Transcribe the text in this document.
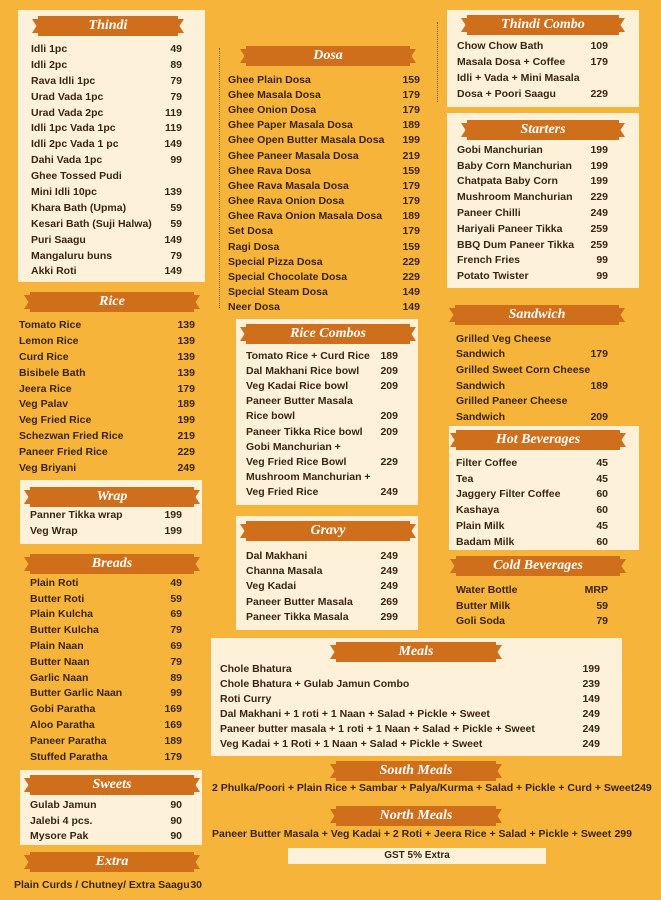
Thindi
Idli 1pc	49
Idli 2pc	89
Rava Idli 1pc	79
Urad Vada 1pc	79
Urad Vada 2pc	119
Idli 1pc Vada 1pc	119
Idli 2pc Vada 1 pc	149
Dahi Vada 1pc	99
Ghee Tossed Pudi
Mini Idli 10pc	139
Khara Bath (Upma)	59
Kesari Bath (Suji Halwa)	59
Puri Saagu	149
Mangaluru buns	79
Akki Roti	149
Dosa
Ghee Plain Dosa	159
Ghee Masala Dosa	179
Ghee Onion Dosa	179
Ghee Paper Masala Dosa	189
Ghee Open Butter Masala Dosa	199
Ghee Paneer Masala Dosa	219
Ghee Rava Dosa	159
Ghee Rava Masala Dosa	179
Ghee Rava Onion Dosa	179
Ghee Rava Onion Masala Dosa	189
Set Dosa	179
Ragi Dosa	159
Special Pizza Dosa	229
Special Chocolate Dosa	229
Special Steam Dosa	149
Neer Dosa	149
Thindi Combo
Chow Chow Bath	109
Masala Dosa + Coffee	179
Idli + Vada + Mini Masala
Dosa + Poori Saagu	229
Starters
Gobi Manchurian	199
Baby Corn Manchurian	199
Chatpata Baby Corn	199
Mushroom Manchurian	229
Paneer Chilli	249
Hariyali Paneer Tikka	259
BBQ Dum Paneer Tikka	259
French Fries	99
Potato Twister	99
Rice
Tomato Rice	139
Lemon Rice	139
Curd Rice	139
Bisibele Bath	139
Jeera Rice	179
Veg Palav	189
Veg Fried Rice	199
Schezwan Fried Rice	219
Paneer Fried Rice	229
Veg Briyani	249
Rice Combos
Tomato Rice + Curd Rice	189
Dal Makhani Rice bowl	209
Veg Kadai Rice bowl	209
Paneer Butter Masala
Rice bowl	209
Paneer Tikka Rice bowl	209
Gobi Manchurian +
Veg Fried Rice Bowl	229
Mushroom Manchurian +
Veg Fried Rice	249
Sandwich
Grilled Veg Cheese
Sandwich	179
Grilled Sweet Corn Cheese
Sandwich	189
Grilled Paneer Cheese
Sandwich	209
Hot Beverages
Filter Coffee	45
Tea	45
Jaggery Filter Coffee	60
Kashaya	60
Plain Milk	45
Badam Milk	60
Wrap
Panner Tikka wrap	199
Veg Wrap	199	Gravy
Dal Makhani	249
Channa Masala	249
Veg Kadai	249
Paneer Butter Masala	269
Paneer Tikka Masala	299
Cold Beverages
Water Bottle	MRP
Butter Milk	59
Goli Soda	79
Breads
Plain Roti	49
Butter Roti	59
Plain Kulcha	69
Butter Kulcha	79
Plain Naan	69
Butter Naan	79
Garlic Naan	89
Butter Garlic Naan	99
Gobi Paratha	169
Aloo Paratha	169
Paneer Paratha	189
Stuffed Paratha	179
Meals
Chole Bhatura	199
Chole Bhatura + Gulab Jamun Combo	239
Roti Curry	149
Dal Makhani + 1 roti + 1 Naan + Salad + Pickle + Sweet	249
Paneer butter masala + 1 roti + 1 Naan + Salad + Pickle + Sweet	249
Veg Kadai + 1 Roti + 1 Naan + Salad + Pickle + Sweet	249
South Meals
2 Phulka/Poori + Plain Rice + Sambar + Palya/Kurma + Salad + Pickle + Curd + Sweet 249
North Meals
Paneer Butter Masala + Veg Kadai + 2 Roti + Jeera Rice + Salad + Pickle + Sweet 299
GST 5% Extra
Sweets
Gulab Jamun	90
Jalebi 4 pcs.	90
Mysore Pak	90
Extra
Plain Curds / Chutney/ Extra Saagu 30
